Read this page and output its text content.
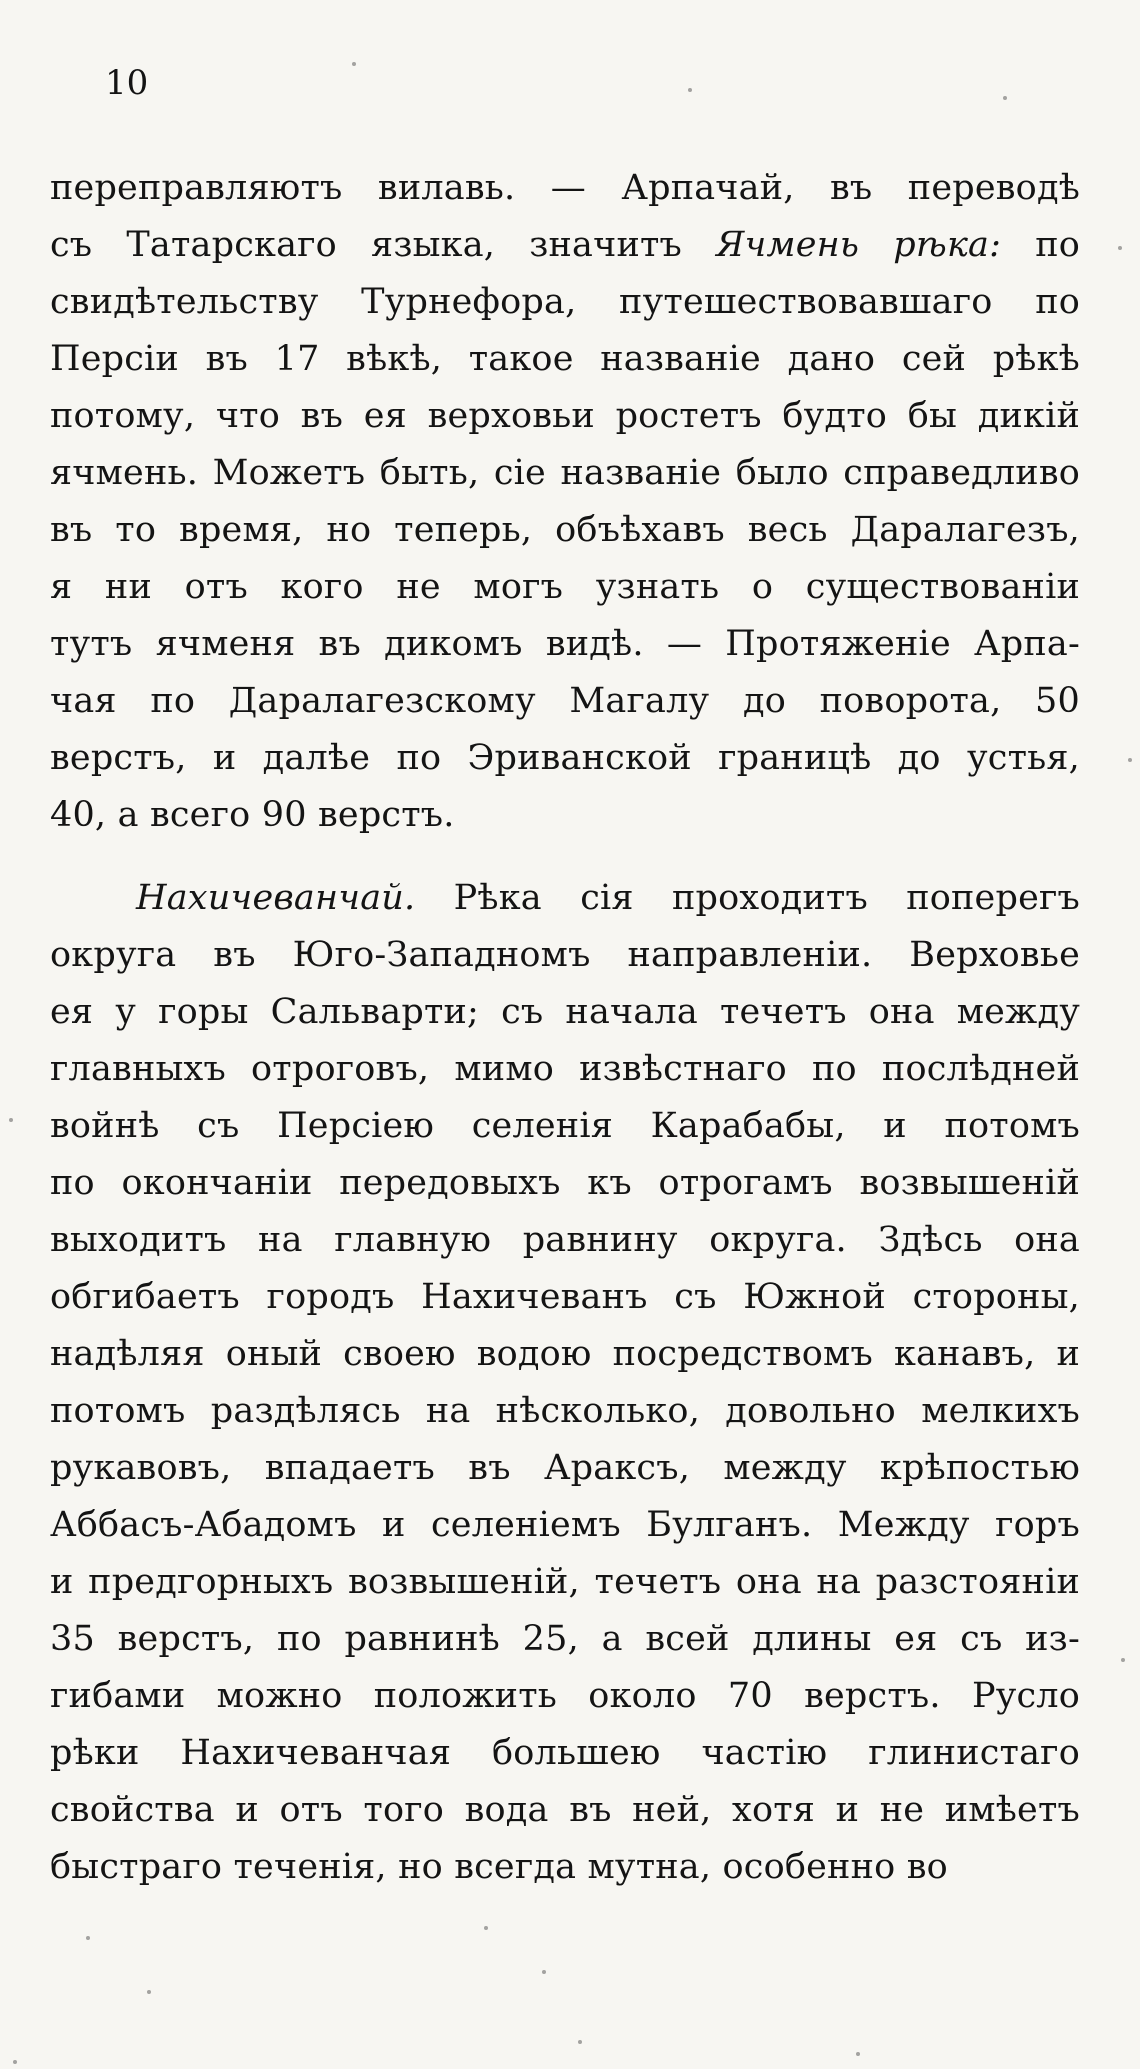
10
переправляютъ вилавь. — Арпачай, въ переводѣ
съ Татарскаго языка, значитъ Ячмень рѣка: по
свидѣтельству Турнефора, путешествовавшаго по
Персіи въ 17 вѣкѣ, такое названіе дано сей рѣкѣ
потому, что въ ея верховьи ростетъ будто бы дикій
ячмень. Можетъ быть, сіе названіе было справедливо
въ то время, но теперь, объѣхавъ весь Даралагезъ,
я ни отъ кого не могъ узнать о существованіи
тутъ ячменя въ дикомъ видѣ. — Протяженіе Арпа-
чая по Даралагезскому Магалу до поворота, 50
верстъ, и далѣе по Эриванской границѣ до устья,
40, а всего 90 верстъ.
Нахичеванчай. Рѣка сія проходитъ поперегъ
округа въ Юго-Западномъ направленіи. Верховье
ея у горы Сальварти; съ начала течетъ она между
главныхъ отроговъ, мимо извѣстнаго по послѣдней
войнѣ съ Персіею селенія Карабабы, и потомъ
по окончаніи передовыхъ къ отрогамъ возвышеній
выходитъ на главную равнину округа. Здѣсь она
обгибаетъ городъ Нахичеванъ съ Южной стороны,
надѣляя оный своею водою посредствомъ канавъ, и
потомъ раздѣлясь на нѣсколько, довольно мелкихъ
рукавовъ, впадаетъ въ Араксъ, между крѣпостью
Аббасъ-Абадомъ и селеніемъ Булганъ. Между горъ
и предгорныхъ возвышеній, течетъ она на разстояніи
35 верстъ, по равнинѣ 25, а всей длины ея съ из-
гибами можно положить около 70 верстъ. Русло
рѣки Нахичеванчая большею частію глинистаго
свойства и отъ того вода въ ней, хотя и не имѣетъ
быстраго теченія, но всегда мутна, особенно во
